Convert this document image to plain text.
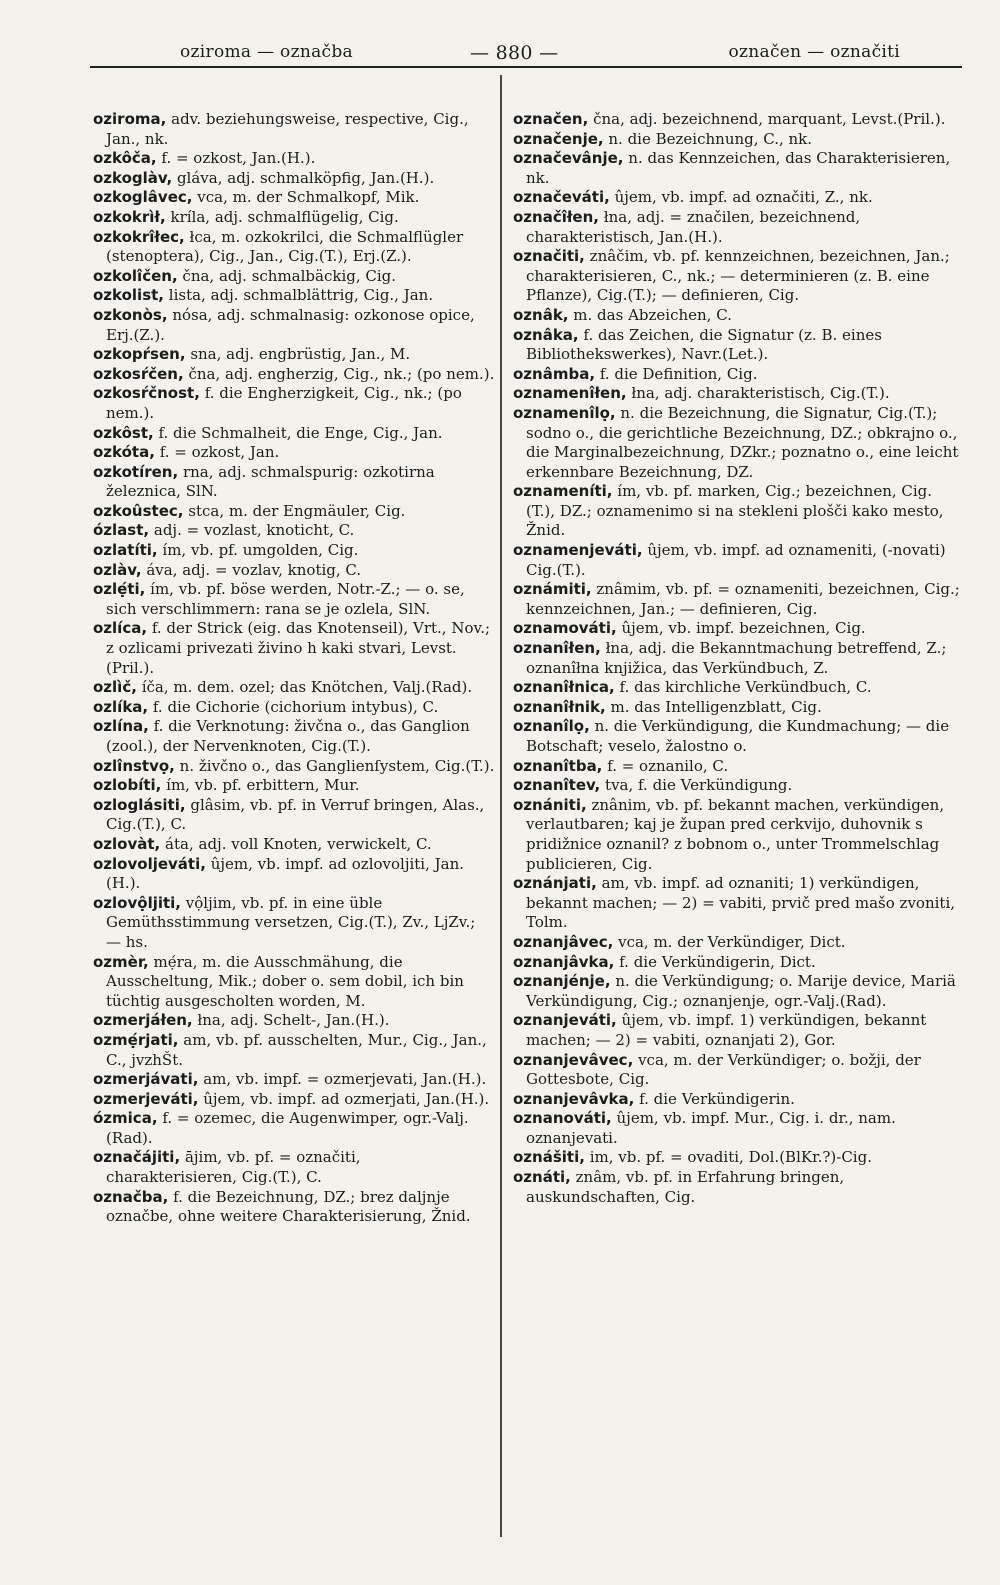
oziroma — označba	— 880 —	označen — označiti

oziroma, adv. beziehungsweise, respective, Cig., Jan., nk.

ozkôča, f. = ozkost, Jan.(H.).

ozkoglàv, gláva, adj. schmalköpfig, Jan.(H.).

ozkoglâvec, vca, m. der Schmalkopf, Mik.

ozkokrìł, kríla, adj. schmalflügelig, Cig.

ozkokrîłec, łca, m. ozkokrilci, die Schmalflügler (stenoptera), Cig., Jan., Cig.(T.), Erj.(Z.).

ozkolîčen, čna, adj. schmalbäckig, Cig.

ozkolist, lista, adj. schmalblättrig, Cig., Jan.

ozkonòs, nósa, adj. schmalnasig: ozkonose opice, Erj.(Z.).

ozkopŕsen, sna, adj. engbrüstig, Jan., M.

ozkosŕčen, čna, adj. engherzig, Cig., nk.; (po nem.).

ozkosŕčnost, f. die Engherzigkeit, Cig., nk.; (po nem.).

ozkôst, f. die Schmalheit, die Enge, Cig., Jan.

ozkóta, f. = ozkost, Jan.

ozkotíren, rna, adj. schmalspurig: ozkotirna železnica, SlN.

ozkoûstec, stca, m. der Engmäuler, Cig.

ózlast, adj. = vozlast, knoticht, C.

ozlatíti, ím, vb. pf. umgolden, Cig.

ozlàv, áva, adj. = vozlav, knotig, C.

ozlẹ́ti, ím, vb. pf. böse werden, Notr.-Z.; — o. se, sich verschlimmern: rana se je ozlela, SlN.

ozlíca, f. der Strick (eig. das Knotenseil), Vrt., Nov.; z ozlicami privezati živino h kaki stvari, Levst.(Pril.).

ozlìč, íča, m. dem. ozel; das Knötchen, Valj.(Rad).

ozlíka, f. die Cichorie (cichorium intybus), C.

ozlína, f. die Verknotung: živčna o., das Ganglion (zool.), der Nervenknoten, Cig.(T.).

ozlînstvọ, n. živčno o., das Ganglienſystem, Cig.(T.).

ozlobíti, ím, vb. pf. erbittern, Mur.

ozloglásiti, glâsim, vb. pf. in Verruf bringen, Alas., Cig.(T.), C.

ozlovàt, áta, adj. voll Knoten, verwickelt, C.

ozlovoljeváti, ûjem, vb. impf. ad ozlovoljiti, Jan.(H.).

ozlovộljiti, vộljim, vb. pf. in eine üble Gemüthsstimmung versetzen, Cig.(T.), Zv., LjZv.; — hs.

ozmèr, mẹ́ra, m. die Ausschmähung, die Ausscheltung, Mik.; dober o. sem dobil, ich bin tüchtig ausgescholten worden, M.

ozmerjáłen, łna, adj. Schelt-, Jan.(H.).

ozmẹ́rjati, am, vb. pf. ausschelten, Mur., Cig., Jan., C., jvzhŠt.

ozmerjávati, am, vb. impf. = ozmerjevati, Jan.(H.).

ozmerjeváti, ûjem, vb. impf. ad ozmerjati, Jan.(H.).

ózmica, f. = ozemec, die Augenwimper, ogr.-Valj.(Rad).

označájiti, ājim, vb. pf. = označiti, charakterisieren, Cig.(T.), C.

označba, f. die Bezeichnung, DZ.; brez daljnje označbe, ohne weitere Charakterisierung, Žnid.

označen, čna, adj. bezeichnend, marquant, Levst.(Pril.).

označenje, n. die Bezeichnung, C., nk.

označevânje, n. das Kennzeichen, das Charakterisieren, nk.

označeváti, ûjem, vb. impf. ad označiti, Z., nk.

označîłen, łna, adj. = značilen, bezeichnend, charakteristisch, Jan.(H.).

označiti, znâčim, vb. pf. kennzeichnen, bezeichnen, Jan.; charakterisieren, C., nk.; — determinieren (z. B. eine Pflanze), Cig.(T.); — definieren, Cig.

oznâk, m. das Abzeichen, C.

oznâka, f. das Zeichen, die Signatur (z. B. eines Bibliothekswerkes), Navr.(Let.).

oznâmba, f. die Definition, Cig.

oznamenîłen, łna, adj. charakteristisch, Cig.(T.).

oznamenîlọ, n. die Bezeichnung, die Signatur, Cig.(T.); sodno o., die gerichtliche Bezeichnung, DZ.; obkrajno o., die Marginalbezeichnung, DZkr.; poznatno o., eine leicht erkennbare Bezeichnung, DZ.

oznameníti, ím, vb. pf. marken, Cig.; bezeichnen, Cig.(T.), DZ.; oznamenimo si na stekleni plošči kako mesto, Žnid.

oznamenjeváti, ûjem, vb. impf. ad oznameniti, (-novati) Cig.(T.).

oznámiti, znâmim, vb. pf. = oznameniti, bezeichnen, Cig.; kennzeichnen, Jan.; — definieren, Cig.

oznamováti, ûjem, vb. impf. bezeichnen, Cig.

oznanîłen, łna, adj. die Bekanntmachung betreffend, Z.; oznanîłna knjižica, das Verkündbuch, Z.

oznanîłnica, f. das kirchliche Verkündbuch, C.

oznanîłnik, m. das Intelligenzblatt, Cig.

oznanîlọ, n. die Verkündigung, die Kundmachung; — die Botschaft; veselo, žalostno o.

oznanîtba, f. = oznanilo, C.

oznanîtev, tva, f. die Verkündigung.

oznániti, znânim, vb. pf. bekannt machen, verkündigen, verlautbaren; kaj je župan pred cerkvijo, duhovnik s pridižnice oznanil? z bobnom o., unter Trommelschlag publicieren, Cig.

oznánjati, am, vb. impf. ad oznaniti; 1) verkündigen, bekannt machen; — 2) = vabiti, prvič pred mašo zvoniti, Tolm.

oznanjâvec, vca, m. der Verkündiger, Dict.

oznanjâvka, f. die Verkündigerin, Dict.

oznanjénje, n. die Verkündigung; o. Marije device, Mariä Verkündigung, Cig.; oznanjenje, ogr.-Valj.(Rad).

oznanjeváti, ûjem, vb. impf. 1) verkündigen, bekannt machen; — 2) = vabiti, oznanjati 2), Gor.

oznanjevâvec, vca, m. der Verkündiger; o. božji, der Gottesbote, Cig.

oznanjevâvka, f. die Verkündigerin.

oznanováti, ûjem, vb. impf. Mur., Cig. i. dr., nam. oznanjevati.

oznášiti, im, vb. pf. = ovaditi, Dol.(BlKr.?)-Cig.

oznáti, znâm, vb. pf. in Erfahrung bringen, auskundschaften, Cig.
